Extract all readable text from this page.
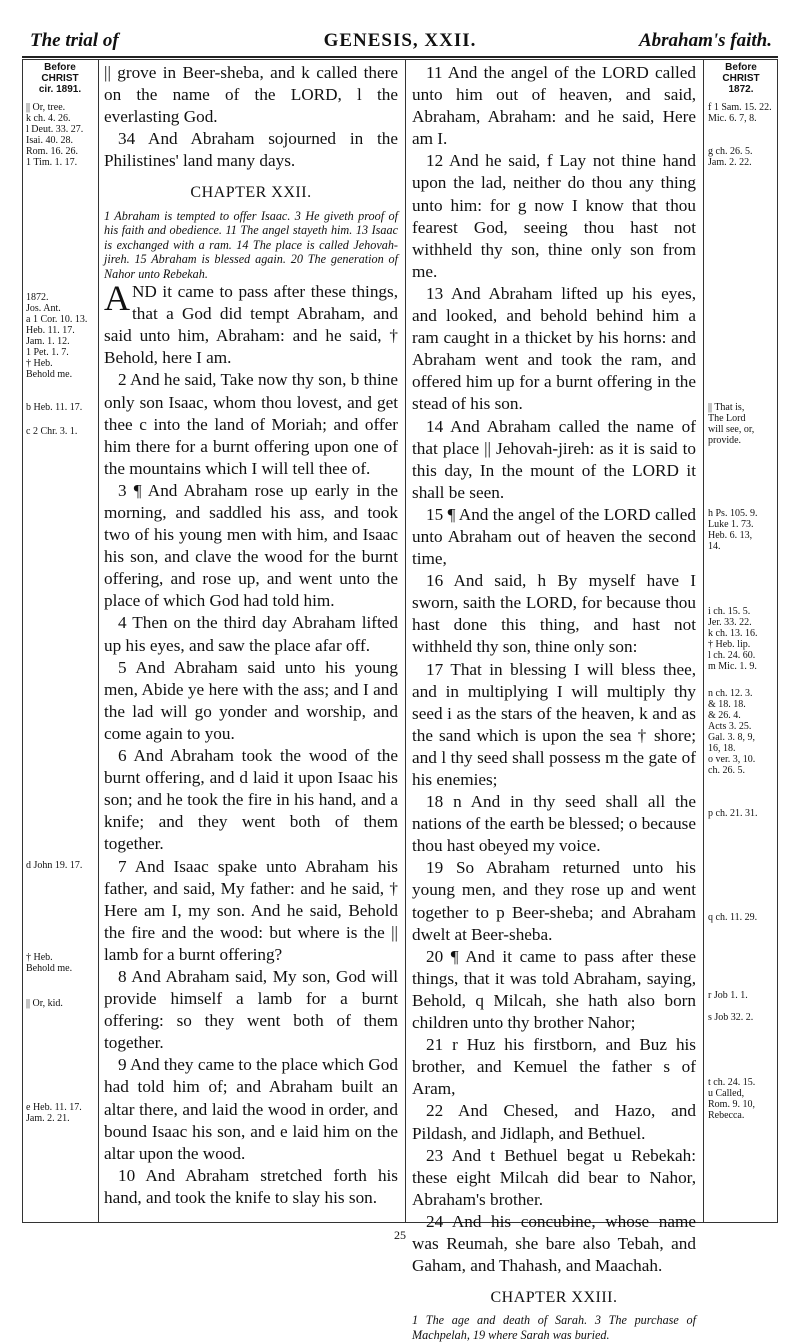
GENESIS, XXII.
The trial of	Abraham's faith.
Before
CHRIST
cir. 1891.
|| Or, tree.
k ch. 4. 26.
l Deut. 33. 27.
Isai. 40. 28.
Rom. 16. 26.
1 Tim. 1. 17.
1872.
Jos. Ant.
a 1 Cor. 10. 13.
Heb. 11. 17.
Jam. 1. 12.
1 Pet. 1. 7.
† Heb.
Behold me.
b Heb. 11. 17.
c 2 Chr. 3. 1.
d John 19. 17.
† Heb.
Behold me.
|| Or, kid.
e Heb. 11. 17.
Jam. 2. 21.
Before
CHRIST
1872.
f 1 Sam. 15. 22.
Mic. 6. 7, 8.
g ch. 26. 5.
Jam. 2. 22.
|| That is,
The Lord
will see, or,
provide.
h Ps. 105. 9.
Luke 1. 73.
Heb. 6. 13,
14.
i ch. 15. 5.
Jer. 33. 22.
k ch. 13. 16.
† Heb. lip.
l ch. 24. 60.
m Mic. 1. 9.
n ch. 12. 3.
& 18. 18.
& 26. 4.
Acts 3. 25.
Gal. 3. 8, 9,
16, 18.
o ver. 3, 10.
ch. 26. 5.
p ch. 21. 31.
q ch. 11. 29.
r Job 1. 1.
s Job 32. 2.
t ch. 24. 15.
u Called,
Rom. 9. 10,
Rebecca.

|| grove in Beer-sheba, and k called there on the name of the LORD, l the everlasting God.

34 And Abraham sojourned in the Philistines' land many days.

CHAPTER XXII.

1 Abraham is tempted to offer Isaac. 3 He giveth proof of his faith and obedience. 11 The angel stayeth him. 13 Isaac is exchanged with a ram. 14 The place is called Jehovah-jireh. 15 Abraham is blessed again. 20 The generation of Nahor unto Rebekah.

AND it came to pass after these things, that a God did tempt Abraham, and said unto him, Abraham: and he said, † Behold, here I am.

2 And he said, Take now thy son, b thine only son Isaac, whom thou lovest, and get thee c into the land of Moriah; and offer him there for a burnt offering upon one of the mountains which I will tell thee of.

3 ¶ And Abraham rose up early in the morning, and saddled his ass, and took two of his young men with him, and Isaac his son, and clave the wood for the burnt offering, and rose up, and went unto the place of which God had told him.

4 Then on the third day Abraham lifted up his eyes, and saw the place afar off.

5 And Abraham said unto his young men, Abide ye here with the ass; and I and the lad will go yonder and worship, and come again to you.

6 And Abraham took the wood of the burnt offering, and d laid it upon Isaac his son; and he took the fire in his hand, and a knife; and they went both of them together.

7 And Isaac spake unto Abraham his father, and said, My father: and he said, † Here am I, my son. And he said, Behold the fire and the wood: but where is the || lamb for a burnt offering?

8 And Abraham said, My son, God will provide himself a lamb for a burnt offering: so they went both of them together.

9 And they came to the place which God had told him of; and Abraham built an altar there, and laid the wood in order, and bound Isaac his son, and e laid him on the altar upon the wood.

10 And Abraham stretched forth his hand, and took the knife to slay his son.

11 And the angel of the LORD called unto him out of heaven, and said, Abraham, Abraham: and he said, Here am I.

12 And he said, f Lay not thine hand upon the lad, neither do thou any thing unto him: for g now I know that thou fearest God, seeing thou hast not withheld thy son, thine only son from me.

13 And Abraham lifted up his eyes, and looked, and behold behind him a ram caught in a thicket by his horns: and Abraham went and took the ram, and offered him up for a burnt offering in the stead of his son.

14 And Abraham called the name of that place || Jehovah-jireh: as it is said to this day, In the mount of the LORD it shall be seen.

15 ¶ And the angel of the LORD called unto Abraham out of heaven the second time,

16 And said, h By myself have I sworn, saith the LORD, for because thou hast done this thing, and hast not withheld thy son, thine only son:

17 That in blessing I will bless thee, and in multiplying I will multiply thy seed i as the stars of the heaven, k and as the sand which is upon the sea † shore; and l thy seed shall possess m the gate of his enemies;

18 n And in thy seed shall all the nations of the earth be blessed; o because thou hast obeyed my voice.

19 So Abraham returned unto his young men, and they rose up and went together to p Beer-sheba; and Abraham dwelt at Beer-sheba.

20 ¶ And it came to pass after these things, that it was told Abraham, saying, Behold, q Milcah, she hath also born children unto thy brother Nahor;

21 r Huz his firstborn, and Buz his brother, and Kemuel the father s of Aram,

22 And Chesed, and Hazo, and Pildash, and Jidlaph, and Bethuel.

23 And t Bethuel begat u Rebekah: these eight Milcah did bear to Nahor, Abraham's brother.

24 And his concubine, whose name was Reumah, she bare also Tebah, and Gaham, and Thahash, and Maachah.

CHAPTER XXIII.

1 The age and death of Sarah. 3 The purchase of Machpelah, 19 where Sarah was buried.

25
